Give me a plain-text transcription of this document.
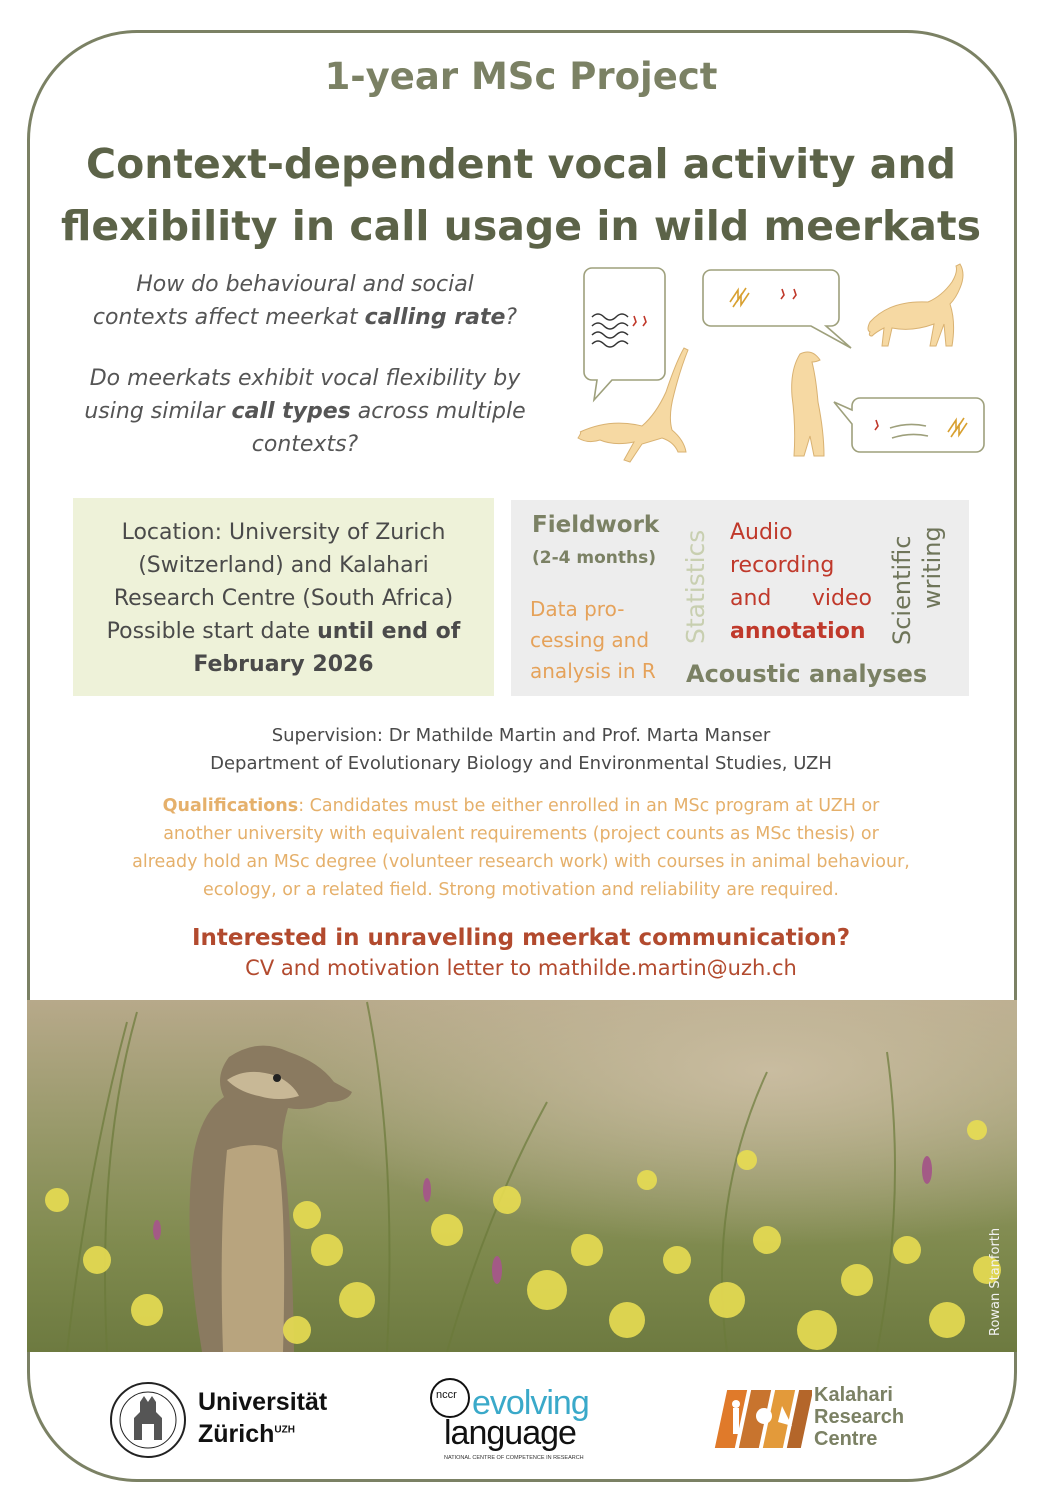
1-year MSc Project
Context-dependent vocal activity and
flexibility in call usage in wild meerkats
How do behavioural and social
contexts affect meerkat calling rate?
Do meerkats exhibit vocal flexibility by
using similar call types across multiple
contexts?
Location: University of Zurich
(Switzerland) and Kalahari
Research Centre (South Africa)
Possible start date until end of
February 2026
Fieldwork
(2-4 months)
Data pro-
cessing and
analysis in R
Statistics Audio
recording
and video
annotation Scientific writing
Acoustic analyses
Supervision: Dr Mathilde Martin and Prof. Marta Manser
Department of Evolutionary Biology and Environmental Studies, UZH
Qualifications: Candidates must be either enrolled in an MSc program at UZH or
another university with equivalent requirements (project counts as MSc thesis) or
already hold an MSc degree (volunteer research work) with courses in animal behaviour,
ecology, or a related field. Strong motivation and reliability are required.
Interested in unravelling meerkat communication?
CV and motivation letter to mathilde.martin@uzh.ch
Rowan Stanforth
Universität
Zürich$^{UZH}$
nccr evolving
language
NATIONAL CENTRE OF COMPETENCE IN RESEARCH
Kalahari
Research
Centre
